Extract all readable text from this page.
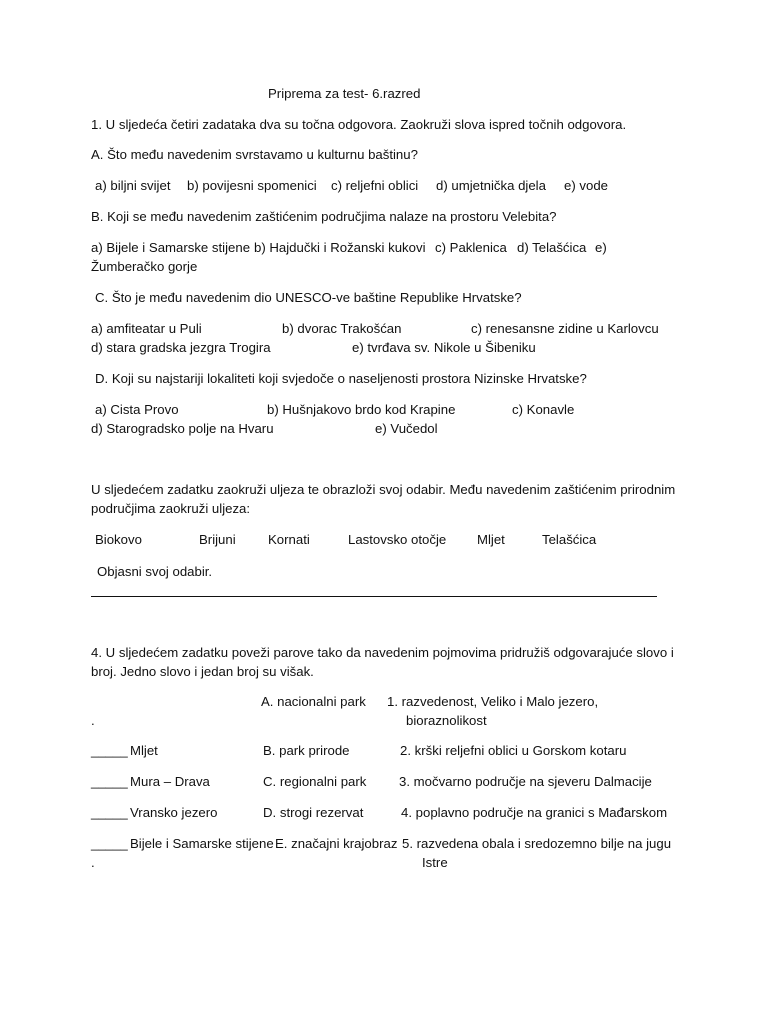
Priprema za test- 6.razred
1. U sljedeća četiri zadataka dva su točna odgovora. Zaokruži slova ispred točnih odgovora.
A. Što među navedenim svrstavamo u kulturnu baštinu?
a) biljni svijet b) povijesni spomenici c) reljefni oblici d) umjetnička djela e) vode
B. Koji se među navedenim zaštićenim područjima nalaze na prostoru Velebita?
a) Bijele i Samarske stijene b) Hajdučki i Rožanski kukovi c) Paklenica d) Telašćica e)
Žumberačko gorje
C. Što je među navedenim dio UNESCO-ve baštine Republike Hrvatske?
a) amfiteatar u Puli	b) dvorac Trakošćan	c) renesansne zidine u Karlovcu
d) stara gradska jezgra Trogira	e) tvrđava sv. Nikole u Šibeniku
D. Koji su najstariji lokaliteti koji svjedoče o naseljenosti prostora Nizinske Hrvatske?
a) Cista Provo	b) Hušnjakovo brdo kod Krapine	c) Konavle
d) Starogradsko polje na Hvaru	e) Vučedol
U sljedećem zadatku zaokruži uljeza te obrazloži svoj odabir. Među navedenim zaštićenim prirodnim
područjima zaokruži uljeza:
Biokovo	Brijuni Kornati	Lastovsko otočje Mljet	Telašćica
Objasni svoj odabir.
4. U sljedećem zadatku poveži parove tako da navedenim pojmovima pridružiš odgovarajuće slovo i
broj. Jedno slovo i jedan broj su višak.
A. nacionalni park 1. razvedenost, Veliko i Malo jezero,
.	bioraznolikost
_____ Mljet	B. park prirode	2. krški reljefni oblici u Gorskom kotaru
_____ Mura – Drava	C. regionalni park 3. močvarno područje na sjeveru Dalmacije
_____ Vransko jezero	D. strogi rezervat	4. poplavno područje na granici s Mađarskom
_____ Bijele i Samarske stijene E. značajni krajobraz 5. razvedena obala i sredozemno bilje na jugu
.	Istre
